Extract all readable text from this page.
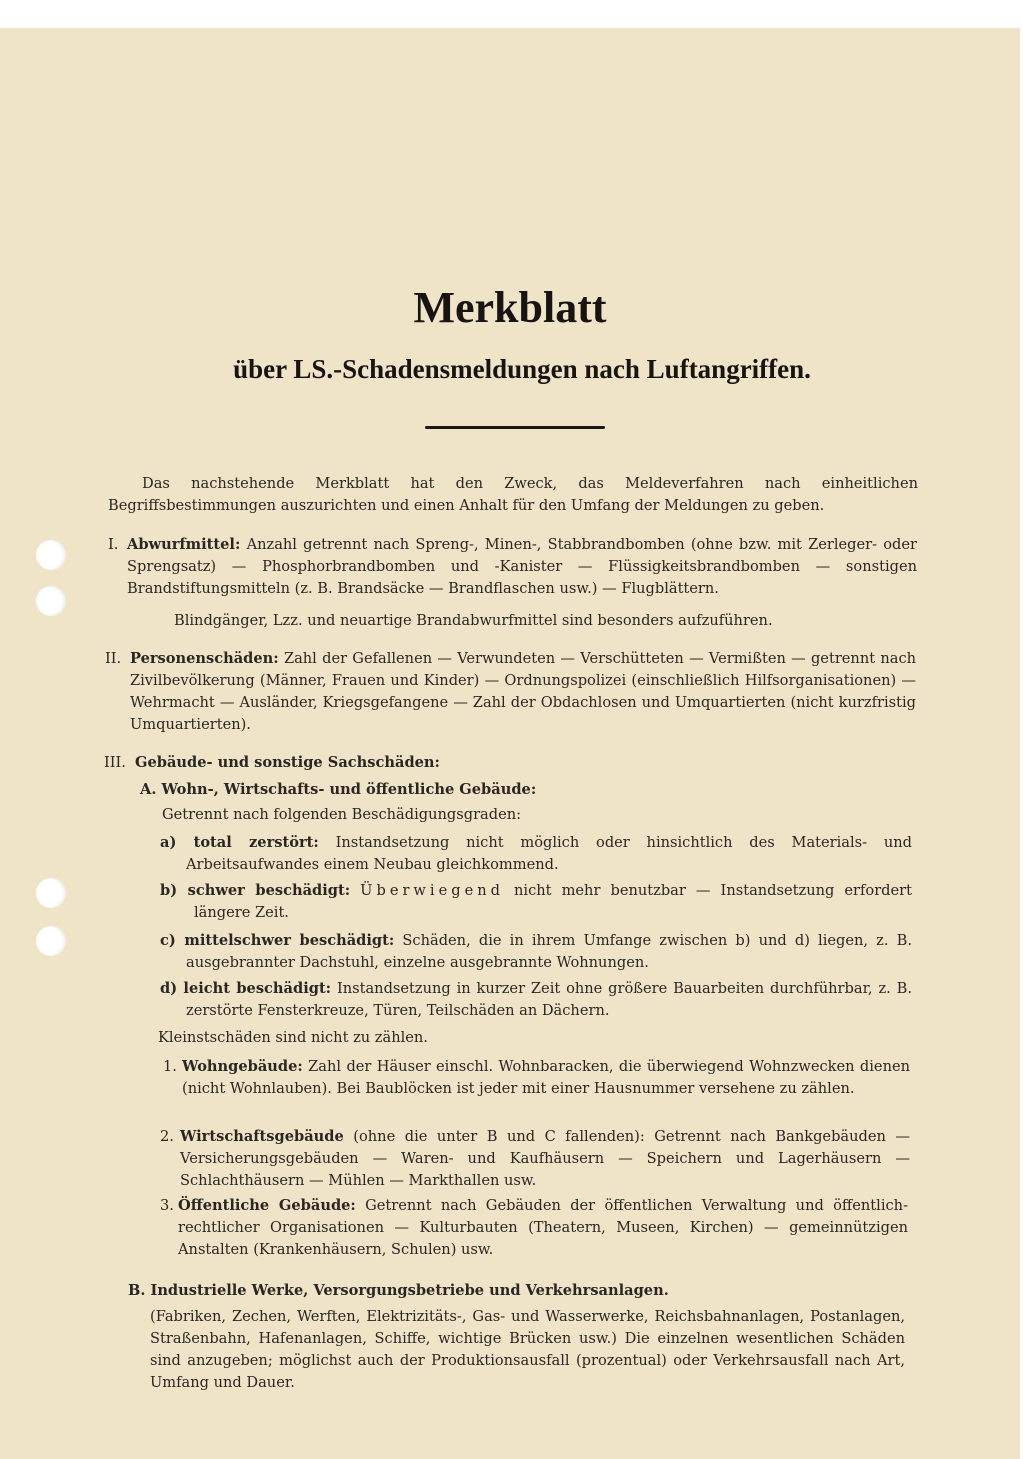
Merkblatt
über LS.-Schadensmeldungen nach Luftangriffen.
Das nachstehende Merkblatt hat den Zweck, das Meldeverfahren nach einheitlichen Begriffsbestimmungen auszurichten und einen Anhalt für den Umfang der Meldungen zu geben.
I. Abwurfmittel: Anzahl getrennt nach Spreng-, Minen-, Stabbrandbomben (ohne bzw. mit Zerleger- oder Sprengsatz) — Phosphorbrandbomben und -Kanister — Flüssigkeitsbrandbomben — sonstigen Brandstiftungsmitteln (z. B. Brandsäcke — Brandflaschen usw.) — Flugblättern.
Blindgänger, Lzz. und neuartige Brandabwurfmittel sind besonders aufzuführen.
II. Personenschäden: Zahl der Gefallenen — Verwundeten — Verschütteten — Vermißten — getrennt nach Zivilbevölkerung (Männer, Frauen und Kinder) — Ordnungspolizei (einschließlich Hilfsorganisationen) — Wehrmacht — Ausländer, Kriegsgefangene — Zahl der Obdachlosen und Umquartierten (nicht kurzfristig Umquartierten).
III. Gebäude- und sonstige Sachschäden:
A. Wohn-, Wirtschafts- und öffentliche Gebäude:
Getrennt nach folgenden Beschädigungsgraden:
a) total zerstört: Instandsetzung nicht möglich oder hinsichtlich des Materials- und Arbeitsaufwandes einem Neubau gleichkommend.
b) schwer beschädigt: Überwiegend nicht mehr benutzbar — Instandsetzung erfordert längere Zeit.
c) mittelschwer beschädigt: Schäden, die in ihrem Umfange zwischen b) und d) liegen, z. B. ausgebrannter Dachstuhl, einzelne ausgebrannte Wohnungen.
d) leicht beschädigt: Instandsetzung in kurzer Zeit ohne größere Bauarbeiten durchführbar, z. B. zerstörte Fensterkreuze, Türen, Teilschäden an Dächern.
Kleinstschäden sind nicht zu zählen.
1. Wohngebäude: Zahl der Häuser einschl. Wohnbaracken, die überwiegend Wohnzwecken dienen (nicht Wohnlauben). Bei Baublöcken ist jeder mit einer Hausnummer versehene zu zählen.
2. Wirtschaftsgebäude (ohne die unter B und C fallenden): Getrennt nach Bankgebäuden — Versicherungsgebäuden — Waren- und Kaufhäusern — Speichern und Lagerhäusern — Schlachthäusern — Mühlen — Markthallen usw.
3. Öffentliche Gebäude: Getrennt nach Gebäuden der öffentlichen Verwaltung und öffentlich-rechtlicher Organisationen — Kulturbauten (Theatern, Museen, Kirchen) — gemeinnützigen Anstalten (Krankenhäusern, Schulen) usw.
B. Industrielle Werke, Versorgungsbetriebe und Verkehrsanlagen.
(Fabriken, Zechen, Werften, Elektrizitäts-, Gas- und Wasserwerke, Reichsbahnanlagen, Postanlagen, Straßenbahn, Hafenanlagen, Schiffe, wichtige Brücken usw.) Die einzelnen wesentlichen Schäden sind anzugeben; möglichst auch der Produktionsausfall (prozentual) oder Verkehrsausfall nach Art, Umfang und Dauer.
